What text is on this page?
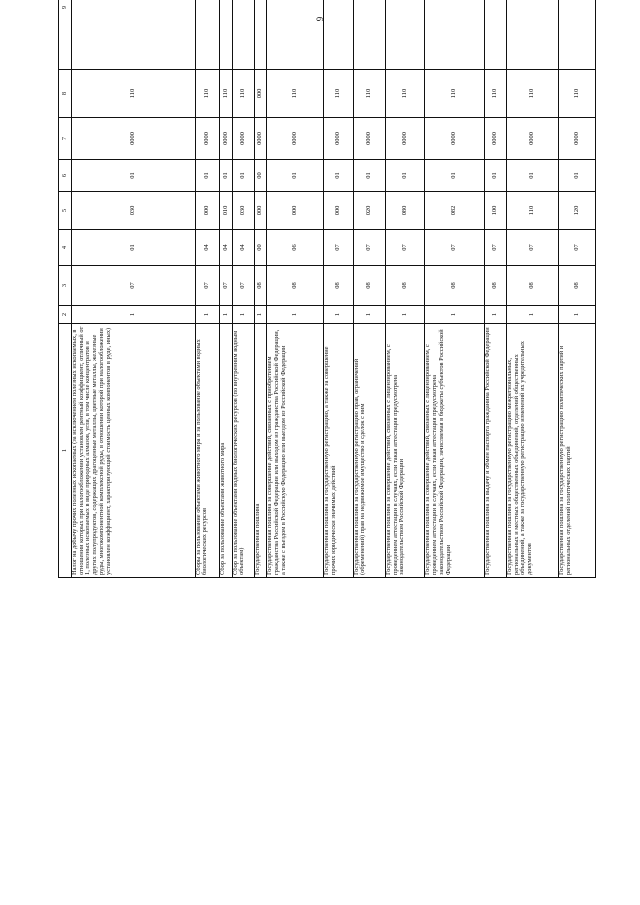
9
1	2	3	4	5	6	7	8	9		
Налог на добычу прочих полезных ископаемых (за исключением полезных ископаемых, в отношении которых при налогообложении установлен рентный коэффициент, отличный от 1, полезных ископаемых в виде природных алмазов, угля, в том числе концентратов и других полупродуктов, содержащих драгоценные металлы, цветные металлы, железные руды, многокомпонентной комплексной руды, в отношении которой при налогообложении установлен коэффициент, характеризующий стоимость ценных компонентов в руде, иных)	1	07	01	030	01	0000	110			
Сборы за пользование объектами животного мира и за пользование объектами водных биологических ресурсов	1	07	04	000	01	0000	110			
Сбор за пользование объектами животного мира	1	07	04	010	01	0000	110			
Сбор за пользование объектами водных биологических ресурсов (по внутренним водным объектам)	1	07	04	030	01	0000	110			
Государственная пошлина	1	08	00	000	00	0000	000			
Государственная пошлина за совершение действий, связанных с приобретением гражданства Российской Федерации или выходом из гражданства Российской Федерации, а также с въездом в Российскую Федерацию или выездом из Российской Федерации	1	08	06	000	01	0000	110			
Государственная пошлина за государственную регистрацию, а также за совершение прочих юридически значимых действий	1	08	07	000	01	0000	110			
Государственная пошлина за государственную регистрацию прав, ограничений (обременений) прав на недвижимое имущество и сделок с ним	1	08	07	020	01	0000	110			
Государственная пошлина за совершение действий, связанных с лицензированием, с проведением аттестации в случаях, если такая аттестация предусмотрена законодательством Российской Федерации	1	08	07	080	01	0000	110			
Государственная пошлина за совершение действий, связанных с лицензированием, с проведением аттестации в случаях, если такая аттестация предусмотрена законодательством Российской Федерации, зачисляемая в бюджеты субъектов Российской Федерации	1	08	07	082	01	0000	110			
Государственная пошлина за выдачу и обмен паспорта гражданина Российской Федерации	1	08	07	100	01	0000	110			
Государственная пошлина за государственную регистрацию межрегиональных, региональных и местных общественных объединений, отделений общественных объединений, а также за государственную регистрацию изменений их учредительных документов	1	08	07	110	01	0000	110			
Государственная пошлина за государственную регистрацию политических партий и региональных отделений политических партий	1	08	07	120	01	0000	110			
